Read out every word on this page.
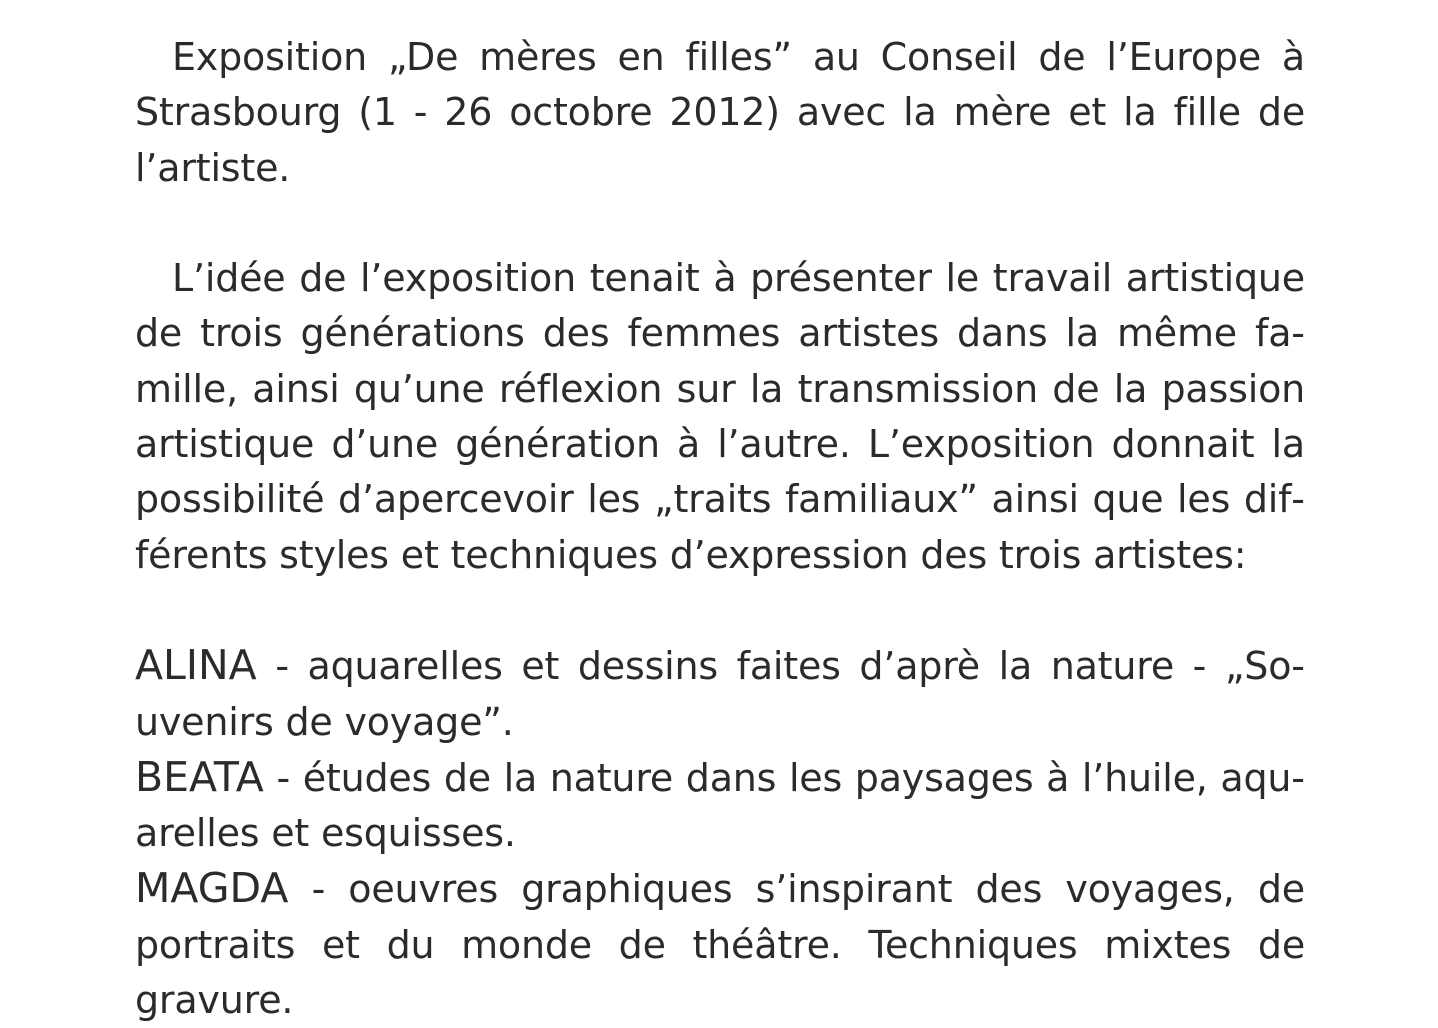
Exposition „De mères en filles” au Conseil de l’Europe à Strasbourg (1 - 26 octobre 2012) avec la mère et la fille de l’artiste.

L’idée de l’exposition tenait à présenter le travail artistique de trois générations des femmes artistes dans la même famille, ainsi qu’une réflexion sur la transmission de la passion artistique d’une génération à l’autre. L’exposition donnait la possibilité d’apercevoir les „traits familiaux” ainsi que les différents styles et techniques d’expression des trois artistes:

ALINA - aquarelles et dessins faites d’aprè la nature - „Souvenirs de voyage”.

BEATA - études de la nature dans les paysages à l’huile, aquarelles et esquisses.

MAGDA - oeuvres graphiques s’inspirant des voyages, de portraits et du monde de théâtre. Techniques mixtes de gravure.
